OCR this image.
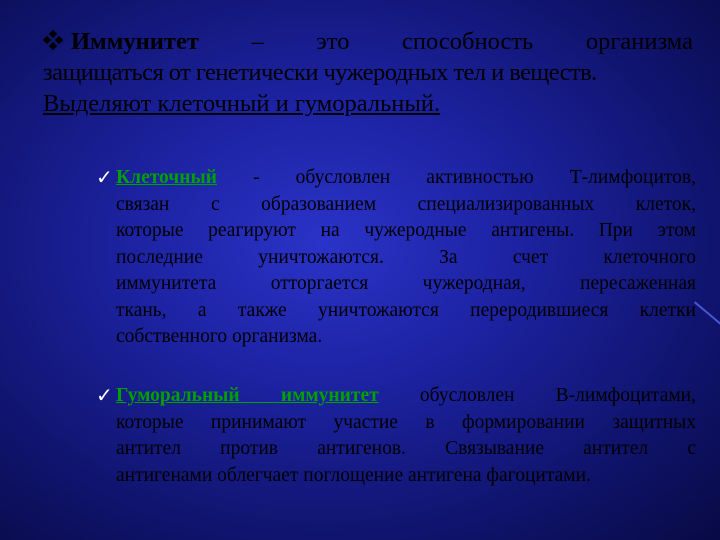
Иммунитет – это способность организма
защищаться от генетически чужеродных тел и веществ.
Выделяют клеточный и гуморальный.
✓ Клеточный - обусловлен активностью Т-лимфоцитов,
связан с образованием специализированных клеток,
которые реагируют на чужеродные антигены. При этом
последние уничтожаются. За счет клеточного
иммунитета отторгается чужеродная, пересаженная
ткань, а также уничтожаются переродившиеся клетки
собственного организма.
✓ Гуморальный иммунитет обусловлен В-лимфоцитами,
которые принимают участие в формировании защитных
антител против антигенов. Связывание антител с
антигенами облегчает поглощение антигена фагоцитами.
